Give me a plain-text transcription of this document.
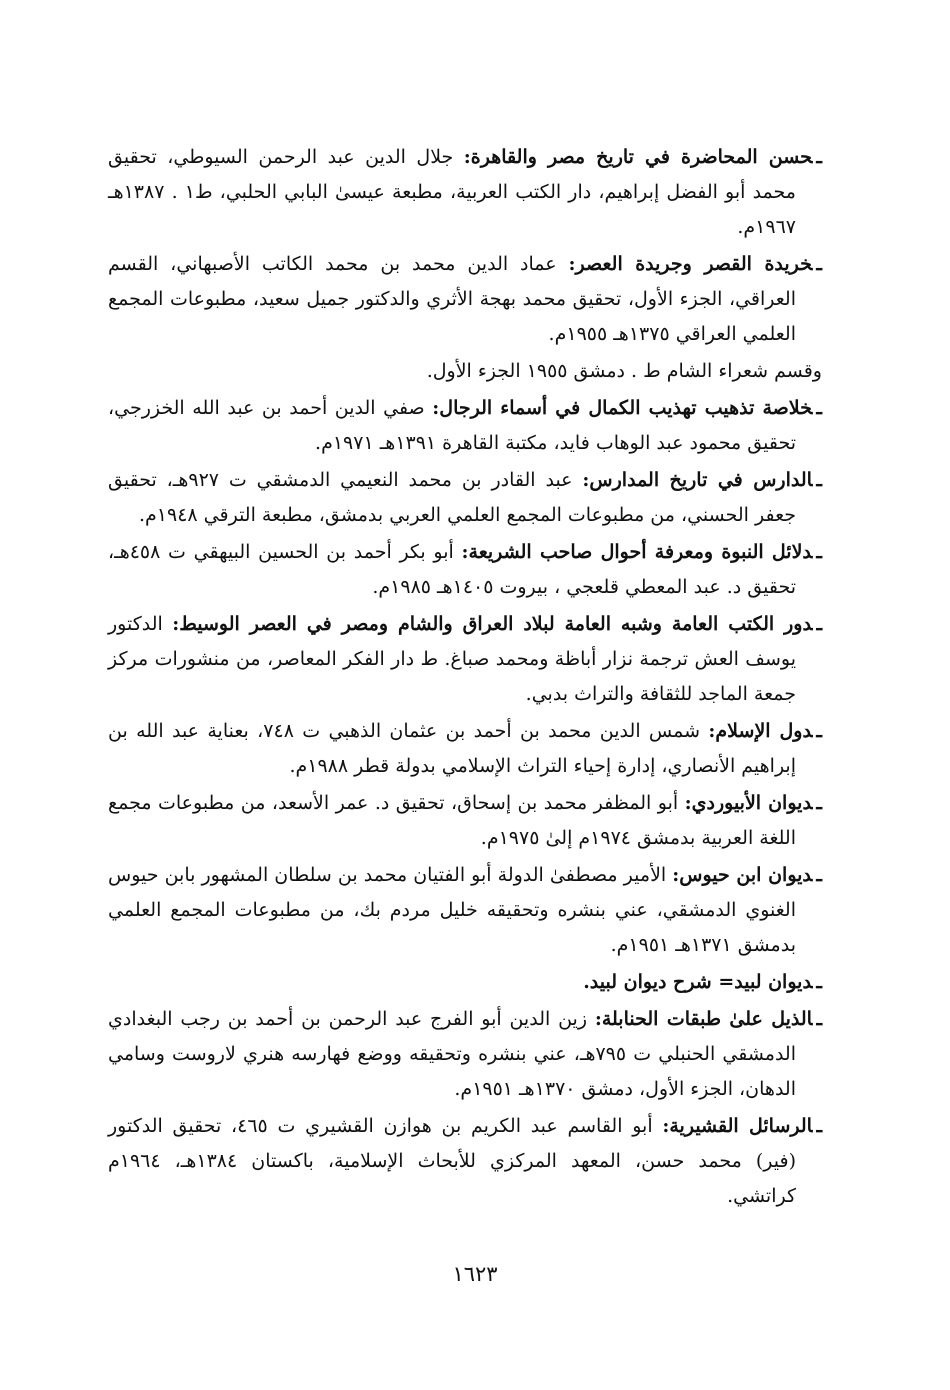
ـحسن المحاضرة في تاريخ مصر والقاهرة: جلال الدين عبد الرحمن السيوطي، تحقيق محمد أبو الفضل إبراهيم، دار الكتب العربية، مطبعة عيسىٰ البابي الحلبي، ط١ . ١٣٨٧هـ ١٩٦٧م.
ـخريدة القصر وجريدة العصر: عماد الدين محمد بن محمد الكاتب الأصبهاني، القسم العراقي، الجزء الأول، تحقيق محمد بهجة الأثري والدكتور جميل سعيد، مطبوعات المجمع العلمي العراقي ١٣٧٥هـ ١٩٥٥م.
وقسم شعراء الشام ط . دمشق ١٩٥٥ الجزء الأول.
ـخلاصة تذهيب تهذيب الكمال في أسماء الرجال: صفي الدين أحمد بن عبد الله الخزرجي، تحقيق محمود عبد الوهاب فايد، مكتبة القاهرة ١٣٩١هـ ١٩٧١م.
ـالدارس في تاريخ المدارس: عبد القادر بن محمد النعيمي الدمشقي ت ٩٢٧هـ، تحقيق جعفر الحسني، من مطبوعات المجمع العلمي العربي بدمشق، مطبعة الترقي ١٩٤٨م.
ـدلائل النبوة ومعرفة أحوال صاحب الشريعة: أبو بكر أحمد بن الحسين البيهقي ت ٤٥٨هـ، تحقيق د. عبد المعطي قلعجي ، بيروت ١٤٠٥هـ ١٩٨٥م.
ـدور الكتب العامة وشبه العامة لبلاد العراق والشام ومصر في العصر الوسيط: الدكتور يوسف العش ترجمة نزار أباظة ومحمد صباغ. ط دار الفكر المعاصر، من منشورات مركز جمعة الماجد للثقافة والتراث بدبي.
ـدول الإسلام: شمس الدين محمد بن أحمد بن عثمان الذهبي ت ٧٤٨، بعناية عبد الله بن إبراهيم الأنصاري، إدارة إحياء التراث الإسلامي بدولة قطر ١٩٨٨م.
ـديوان الأبيوردي: أبو المظفر محمد بن إسحاق، تحقيق د. عمر الأسعد، من مطبوعات مجمع اللغة العربية بدمشق ١٩٧٤م إلىٰ ١٩٧٥م.
ـديوان ابن حيوس: الأمير مصطفىٰ الدولة أبو الفتيان محمد بن سلطان المشهور بابن حيوس الغنوي الدمشقي، عني بنشره وتحقيقه خليل مردم بك، من مطبوعات المجمع العلمي بدمشق ١٣٧١هـ ١٩٥١م.
ـديوان لبيد= شرح ديوان لبيد.
ـالذيل علىٰ طبقات الحنابلة: زين الدين أبو الفرج عبد الرحمن بن أحمد بن رجب البغدادي الدمشقي الحنبلي ت ٧٩٥هـ، عني بنشره وتحقيقه ووضع فهارسه هنري لاروست وسامي الدهان، الجزء الأول، دمشق ١٣٧٠هـ ١٩٥١م.
ـالرسائل القشيرية: أبو القاسم عبد الكريم بن هوازن القشيري ت ٤٦٥، تحقيق الدكتور (فير) محمد حسن، المعهد المركزي للأبحاث الإسلامية، باكستان ١٣٨٤هـ، ١٩٦٤م كراتشي.
١٦٢٣
